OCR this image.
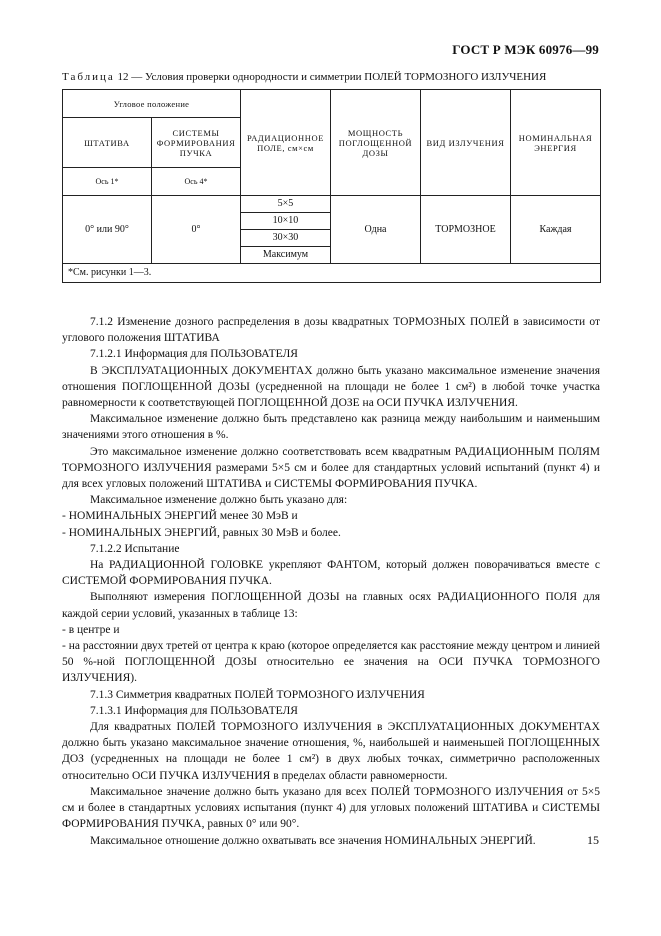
ГОСТ Р МЭК 60976—99
Таблица 12 — Условия проверки однородности и симметрии ПОЛЕЙ ТОРМОЗНОГО ИЗЛУЧЕНИЯ
Угловое положение		РАДИАЦИОННОЕ ПОЛЕ, см×см	МОЩНОСТЬ ПОГЛОЩЕННОЙ ДОЗЫ	ВИД ИЗЛУЧЕНИЯ	НОМИНАЛЬНАЯ ЭНЕРГИЯ
ШТАТИВА	СИСТЕМЫ ФОРМИРОВАНИЯ ПУЧКА				
Ось 1*	Ось 4*				
0° или 90°	0°	5×5	Одна	ТОРМОЗНОЕ	Каждая
		10×10			
		30×30			
		Максимум			
*См. рисунки 1—3.					

7.1.2 Изменение дозного распределения в дозы квадратных ТОРМОЗНЫХ ПОЛЕЙ в зависимости от углового положения ШТАТИВА

7.1.2.1 Информация для ПОЛЬЗОВАТЕЛЯ

В ЭКСПЛУАТАЦИОННЫХ ДОКУМЕНТАХ должно быть указано максимальное изменение значения отношения ПОГЛОЩЕННОЙ ДОЗЫ (усредненной на площади не более 1 см²) в любой точке участка равномерности к соответствующей ПОГЛОЩЕННОЙ ДОЗЕ на ОСИ ПУЧКА ИЗЛУЧЕНИЯ.

Максимальное изменение должно быть представлено как разница между наибольшим и наименьшим значениями этого отношения в %.

Это максимальное изменение должно соответствовать всем квадратным РАДИАЦИОННЫМ ПОЛЯМ ТОРМОЗНОГО ИЗЛУЧЕНИЯ размерами 5×5 см и более для стандартных условий испытаний (пункт 4) и для всех угловых положений ШТАТИВА и СИСТЕМЫ ФОРМИРОВАНИЯ ПУЧКА.

Максимальное изменение должно быть указано для:

- НОМИНАЛЬНЫХ ЭНЕРГИЙ менее 30 МэВ и

- НОМИНАЛЬНЫХ ЭНЕРГИЙ, равных 30 МэВ и более.

7.1.2.2 Испытание

На РАДИАЦИОННОЙ ГОЛОВКЕ укрепляют ФАНТОМ, который должен поворачиваться вместе с СИСТЕМОЙ ФОРМИРОВАНИЯ ПУЧКА.

Выполняют измерения ПОГЛОЩЕННОЙ ДОЗЫ на главных осях РАДИАЦИОННОГО ПОЛЯ для каждой серии условий, указанных в таблице 13:

- в центре и

- на расстоянии двух третей от центра к краю (которое определяется как расстояние между центром и линией 50 %-ной ПОГЛОЩЕННОЙ ДОЗЫ относительно ее значения на ОСИ ПУЧКА ТОРМОЗНОГО ИЗЛУЧЕНИЯ).

7.1.3 Симметрия квадратных ПОЛЕЙ ТОРМОЗНОГО ИЗЛУЧЕНИЯ

7.1.3.1 Информация для ПОЛЬЗОВАТЕЛЯ

Для квадратных ПОЛЕЙ ТОРМОЗНОГО ИЗЛУЧЕНИЯ в ЭКСПЛУАТАЦИОННЫХ ДОКУМЕНТАХ должно быть указано максимальное значение отношения, %, наибольшей и наименьшей ПОГЛОЩЕННЫХ ДОЗ (усредненных на площади не более 1 см²) в двух любых точках, симметрично расположенных относительно ОСИ ПУЧКА ИЗЛУЧЕНИЯ в пределах области равномерности.

Максимальное значение должно быть указано для всех ПОЛЕЙ ТОРМОЗНОГО ИЗЛУЧЕНИЯ от 5×5 см и более в стандартных условиях испытания (пункт 4) для угловых положений ШТАТИВА и СИСТЕМЫ ФОРМИРОВАНИЯ ПУЧКА, равных 0° или 90°.

Максимальное отношение должно охватывать все значения НОМИНАЛЬНЫХ ЭНЕРГИЙ.	15
